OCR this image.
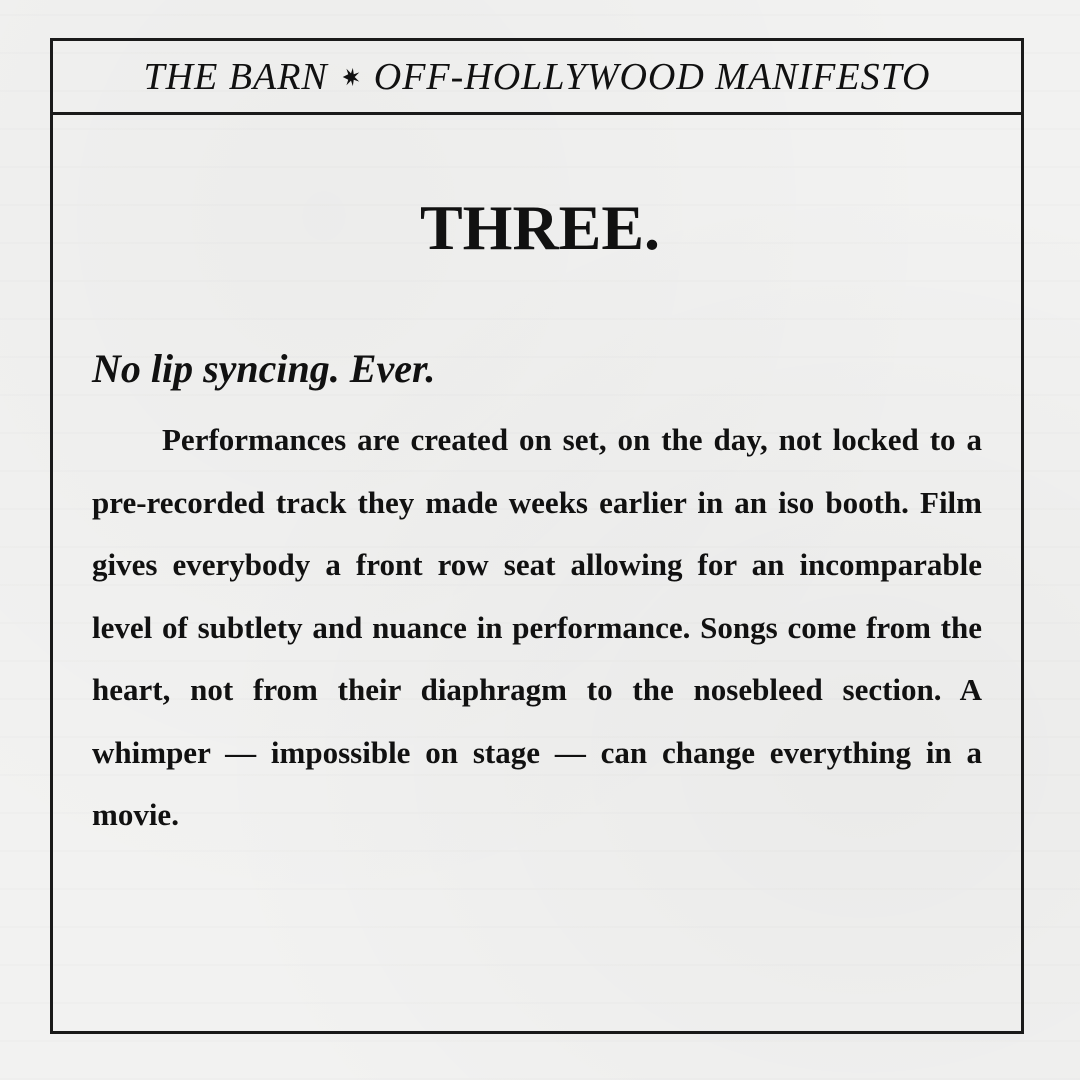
THE BARN OFF-HOLLYWOOD MANIFESTO
THREE.
No lip syncing. Ever.

Performances are created on set, on the day, not locked to a pre-recorded track they made weeks earlier in an iso booth. Film gives everybody a front row seat allowing for an incomparable level of subtlety and nuance in performance. Songs come from the heart, not from their diaphragm to the nosebleed section. A whimper — impossible on stage — can change everything in a movie.
